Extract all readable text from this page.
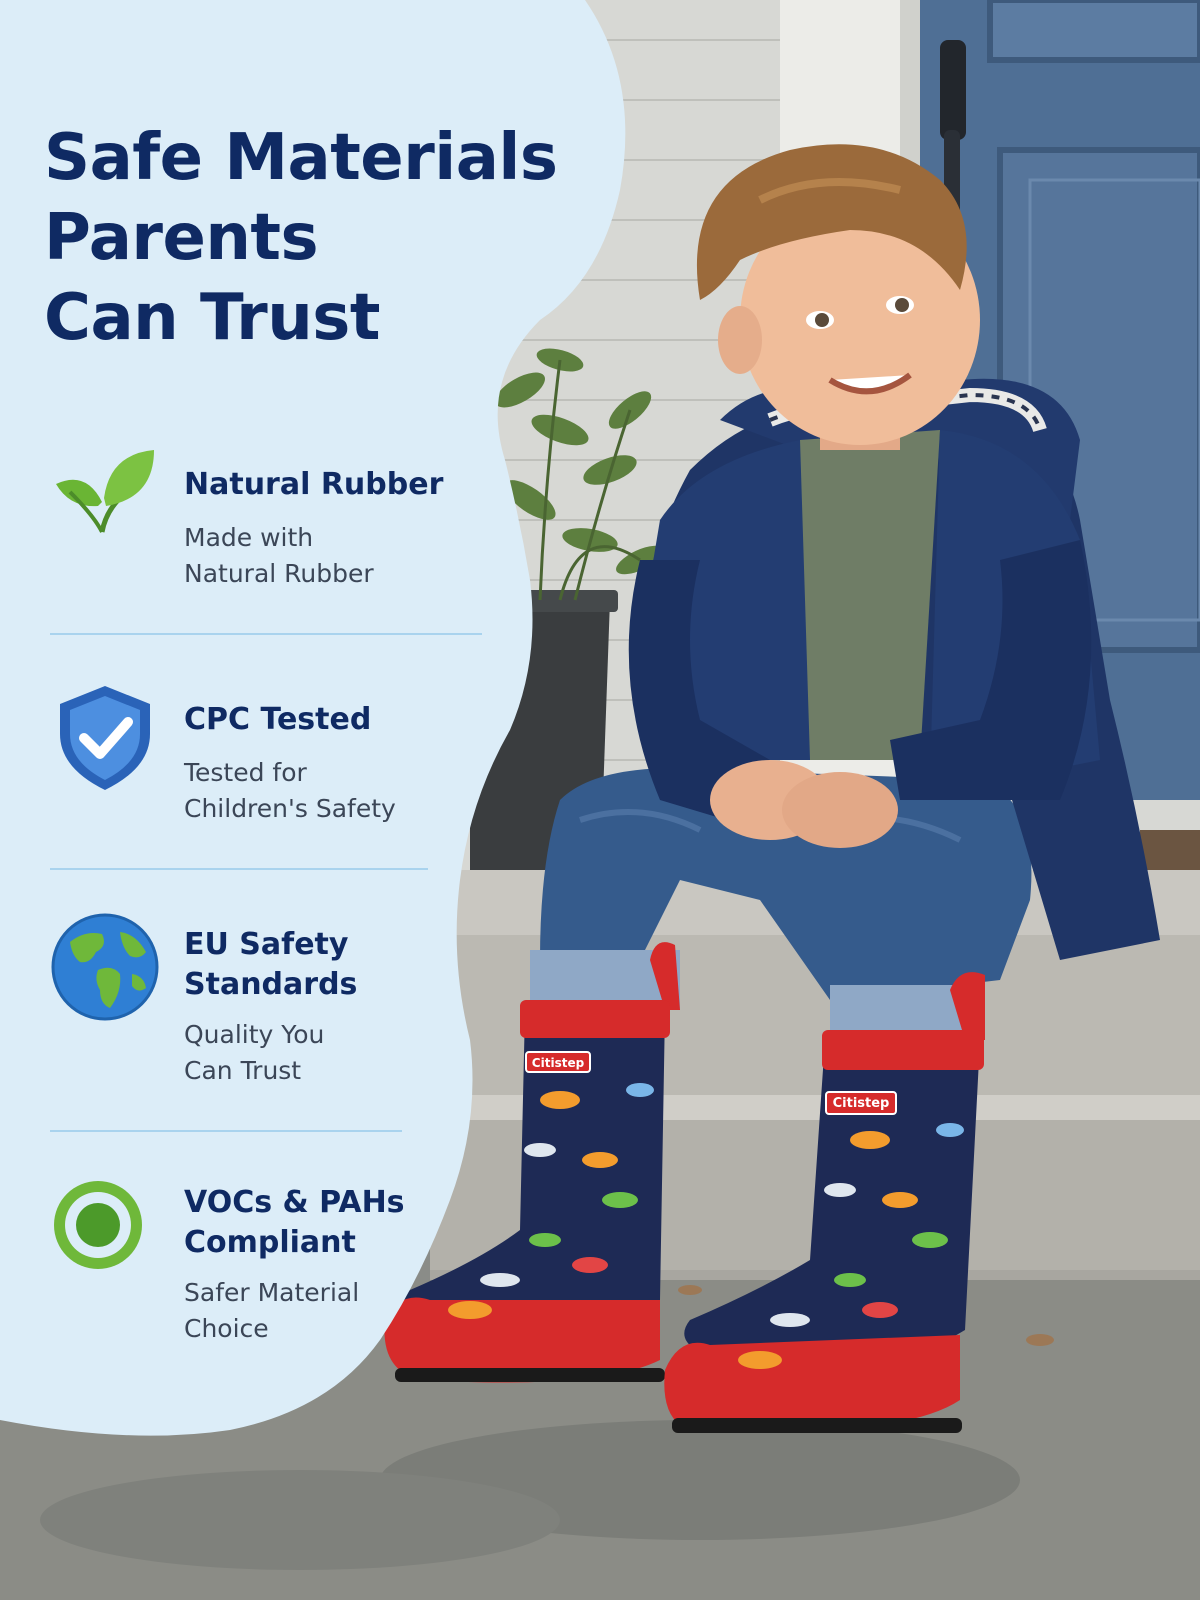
Citistep
Citistep
Safe Materials
Parents
Can Trust
Natural Rubber
Made with
Natural Rubber
CPC Tested
Tested for
Children's Safety
EU Safety
Standards
Quality You
Can Trust
VOCs & PAHs
Compliant
Safer Material
Choice
